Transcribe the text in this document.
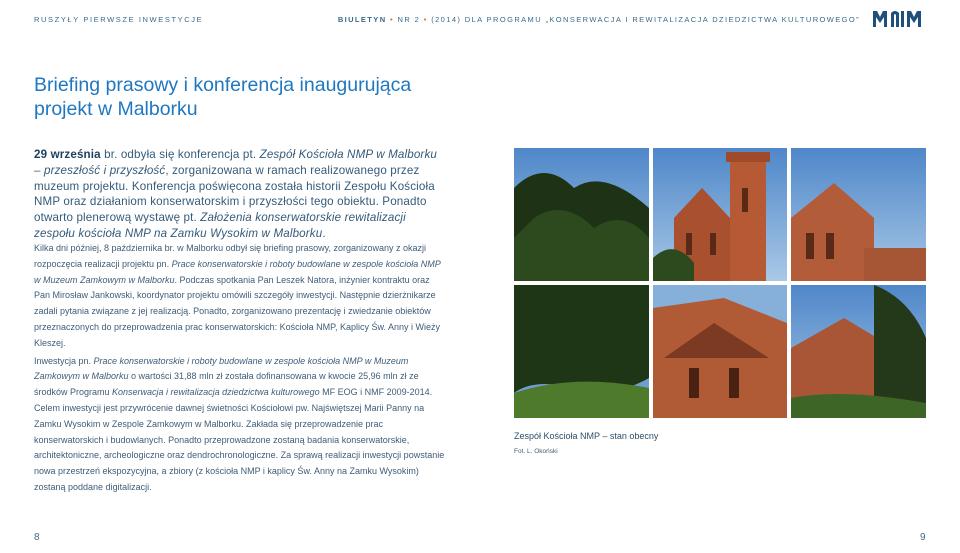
RUSZYŁY PIERWSZE INWESTYCJE	BIULETYN • NR 2 • (2014) DLA PROGRAMU „KONSERWACJA I REWITALIZACJA DZIEDZICTWA KULTUROWEGO”
Briefing prasowy i konferencja inaugurująca projekt w Malborku
29 września br. odbyła się konferencja pt. Zespół Kościoła NMP w Malborku – przeszłość i przyszłość, zorganizowana w ramach realizowanego przez muzeum projektu. Konferencja poświęcona została historii Zespołu Kościoła NMP oraz działaniom konserwatorskim i przyszłości tego obiektu. Ponadto otwarto plenerową wystawę pt. Założenia konserwatorskie rewitalizacji zespołu kościoła NMP na Zamku Wysokim w Malborku.

Kilka dni później, 8 października br. w Malborku odbył się briefing prasowy, zorganizowany z okazji rozpoczęcia realizacji projektu pn. Prace konserwatorskie i roboty budowlane w zespole kościoła NMP w Muzeum Zamkowym w Malborku. Podczas spotkania Pan Leszek Natora, inżynier kontraktu oraz Pan Mirosław Jankowski, koordynator projektu omówili szczegóły inwestycji. Następnie dzierżnikarze zadali pytania związane z jej realizacją. Ponadto, zorganizowano prezentację i zwiedzanie obiektów przeznaczonych do przeprowadzenia prac konserwatorskich: Kościoła NMP, Kaplicy Św. Anny i Wieży Kleszej.

Inwestycja pn. Prace konserwatorskie i roboty budowlane w zespole kościoła NMP w Muzeum Zamkowym w Malborku o wartości 31,88 mln zł została dofinansowana w kwocie 25,96 mln zł ze środków Programu Konserwacja i rewitalizacja dziedzictwa kulturowego MF EOG i NMF 2009-2014. Celem inwestycji jest przywrócenie dawnej świetności Kościołowi pw. Najświętszej Marii Panny na Zamku Wysokim w Zespole Zamkowym w Malborku. Zakłada się przeprowadzenie prac konserwatorskich i budowlanych. Ponadto przeprowadzone zostaną badania konserwatorskie, architektoniczne, archeologiczne oraz dendrochronologiczne. Za sprawą realizacji inwestycji powstanie nowa przestrzeń ekspozycyjna, a zbiory (z kościoła NMP i kaplicy Św. Anny na Zamku Wysokim) zostaną poddane digitalizacji.

Zespół Kościoła NMP – stan obecny
Fot. L. Okoński
8	9
